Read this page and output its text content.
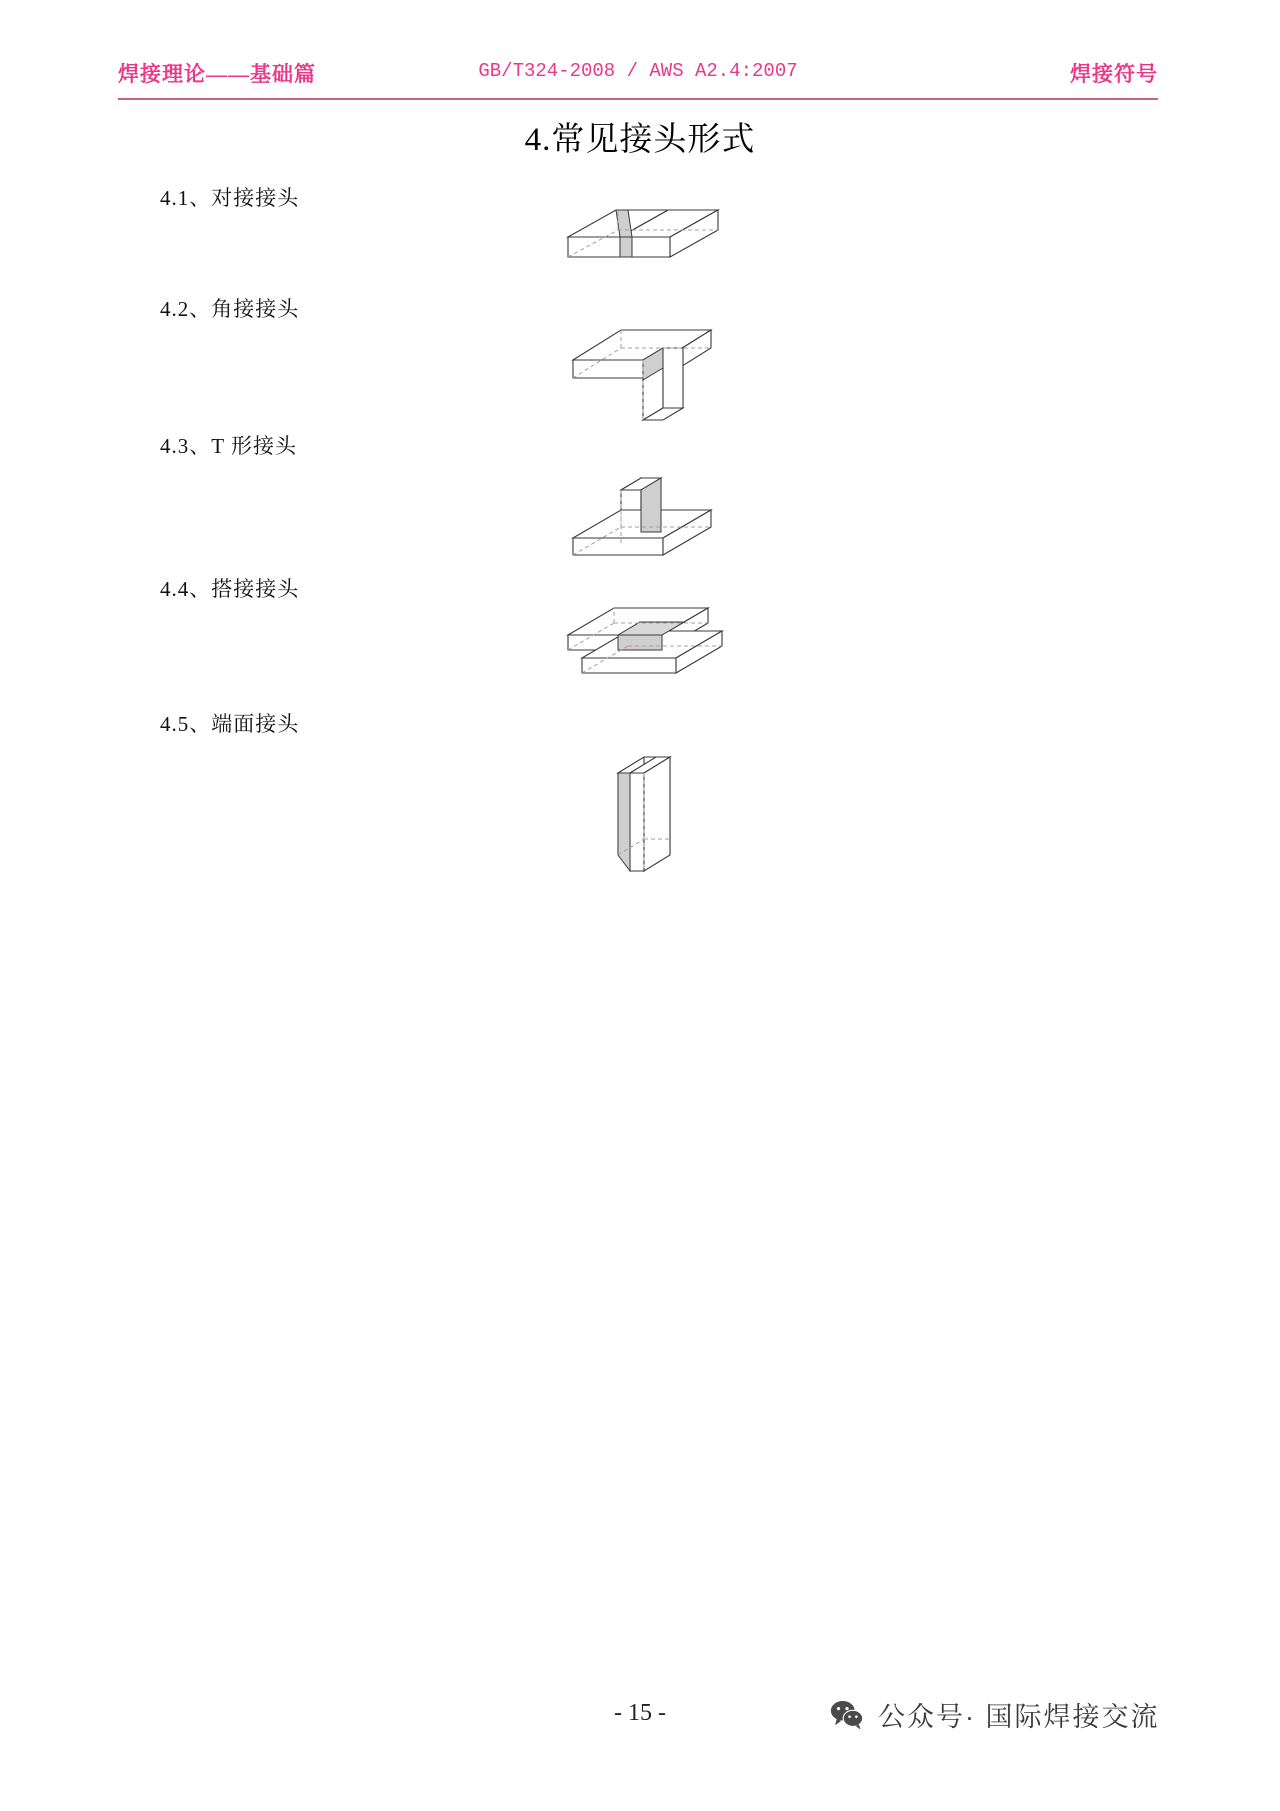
焊接理论——基础篇	GB/T324-2008 / AWS A2.4:2007	焊接符号
4.常见接头形式
4.1、对接接头
4.2、角接接头
4.3、T 形接头
4.4、搭接接头
4.5、端面接头
- 15 -	公众号· 国际焊接交流
